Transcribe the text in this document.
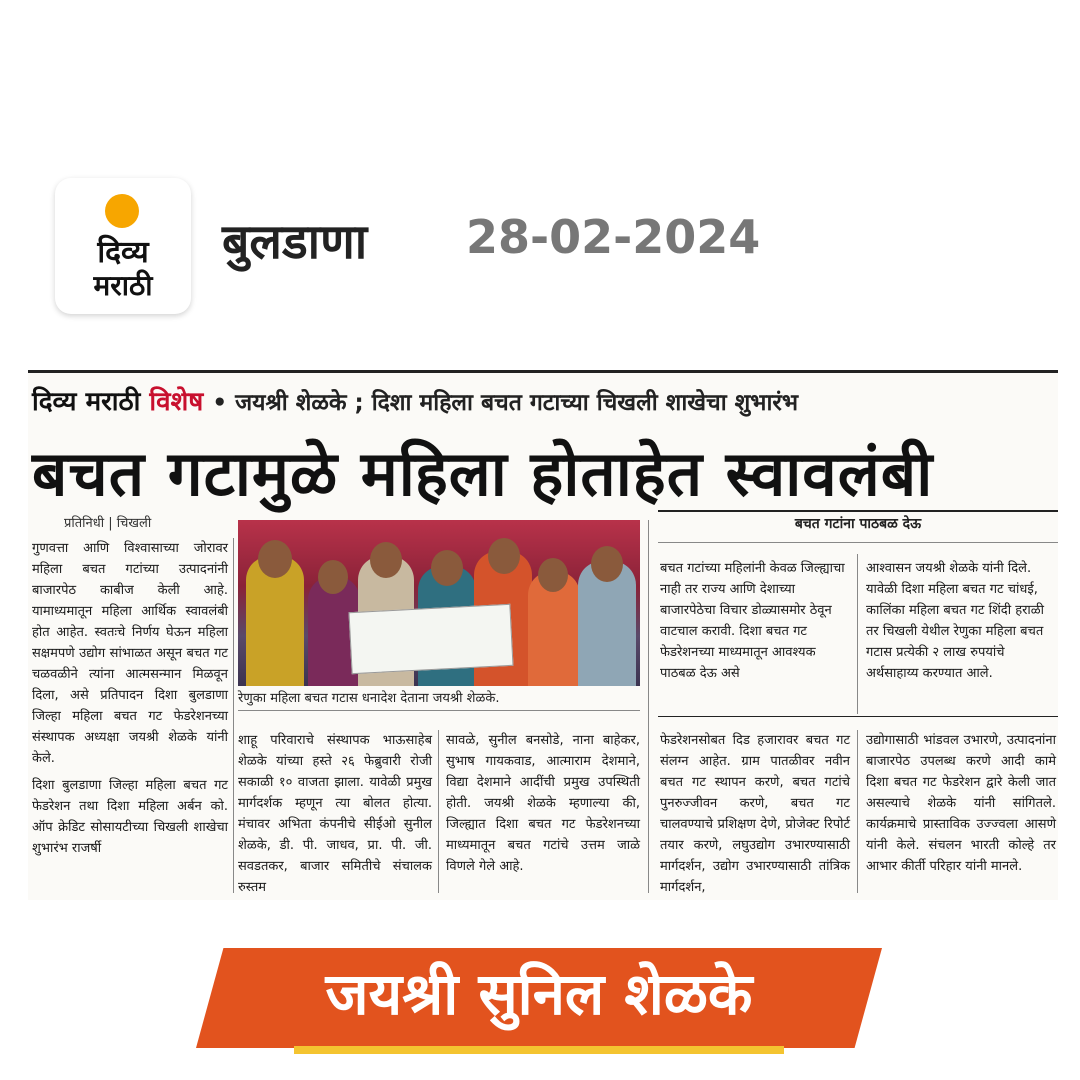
दिव्य
मराठी
बुलडाणा 28-02-2024
दिव्य मराठी विशेष • जयश्री शेळके ; दिशा महिला बचत गटाच्या चिखली शाखेचा शुभारंभ
बचत गटामुळे महिला होताहेत स्वावलंबी
प्रतिनिधी | चिखली

गुणवत्ता आणि विश्वासाच्या जोरावर महिला बचत गटांच्या उत्पादनांनी बाजारपेठ काबीज केली आहे. यामाध्यमातून महिला आर्थिक स्वावलंबी होत आहेत. स्वतःचे निर्णय घेऊन महिला सक्षमपणे उद्योग सांभाळत असून बचत गट चळवळीने त्यांना आत्मसन्मान मिळवून दिला, असे प्रतिपादन दिशा बुलडाणा जिल्हा महिला बचत गट फेडरेशनच्या संस्थापक अध्यक्षा जयश्री शेळके यांनी केले.

दिशा बुलडाणा जिल्हा महिला बचत गट फेडरेशन तथा दिशा महिला अर्बन को. ऑप क्रेडिट सोसायटीच्या चिखली शाखेचा शुभारंभ राजर्षी

रेणुका महिला बचत गटास धनादेश देताना जयश्री शेळके.
शाहू परिवाराचे संस्थापक भाऊसाहेब शेळके यांच्या हस्ते २६ फेब्रुवारी रोजी सकाळी १० वाजता झाला. यावेळी प्रमुख मार्गदर्शक म्हणून त्या बोलत होत्या. मंचावर अभिता कंपनीचे सीईओ सुनील शेळके, डी. पी. जाधव, प्रा. पी. जी. सवडतकर, बाजार समितीचे संचालक रुस्तम
सावळे, सुनील बनसोडे, नाना बाहेकर, सुभाष गायकवाड, आत्माराम देशमाने, विद्या देशमाने आदींची प्रमुख उपस्थिती होती. जयश्री शेळके म्हणाल्या की, जिल्ह्यात दिशा बचत गट फेडरेशनच्या माध्यमातून बचत गटांचे उत्तम जाळे विणले गेले आहे.
बचत गटांना पाठबळ देऊ
बचत गटांच्या महिलांनी केवळ जिल्ह्याचा नाही तर राज्य आणि देशाच्या बाजारपेठेचा विचार डोळ्यासमोर ठेवून वाटचाल करावी. दिशा बचत गट फेडरेशनच्या माध्यमातून आवश्यक पाठबळ देऊ असे
आश्वासन जयश्री शेळके यांनी दिले. यावेळी दिशा महिला बचत गट चांधई, कालिंका महिला बचत गट शिंदी हराळी तर चिखली येथील रेणुका महिला बचत गटास प्रत्येकी २ लाख रुपयांचे अर्थसाहाय्य करण्यात आले.
फेडरेशनसोबत दिड हजारावर बचत गट संलग्न आहेत. ग्राम पातळीवर नवीन बचत गट स्थापन करणे, बचत गटांचे पुनरुज्जीवन करणे, बचत गट चालवण्याचे प्रशिक्षण देणे, प्रोजेक्ट रिपोर्ट तयार करणे, लघुउद्योग उभारण्यासाठी मार्गदर्शन, उद्योग उभारण्यासाठी तांत्रिक मार्गदर्शन,
उद्योगासाठी भांडवल उभारणे, उत्पादनांना बाजारपेठ उपलब्ध करणे आदी कामे दिशा बचत गट फेडरेशन द्वारे केली जात असल्याचे शेळके यांनी सांगितले. कार्यक्रमाचे प्रास्ताविक उज्ज्वला आसणे यांनी केले. संचलन भारती कोल्हे तर आभार कीर्ती परिहार यांनी मानले.
जयश्री सुनिल शेळके
